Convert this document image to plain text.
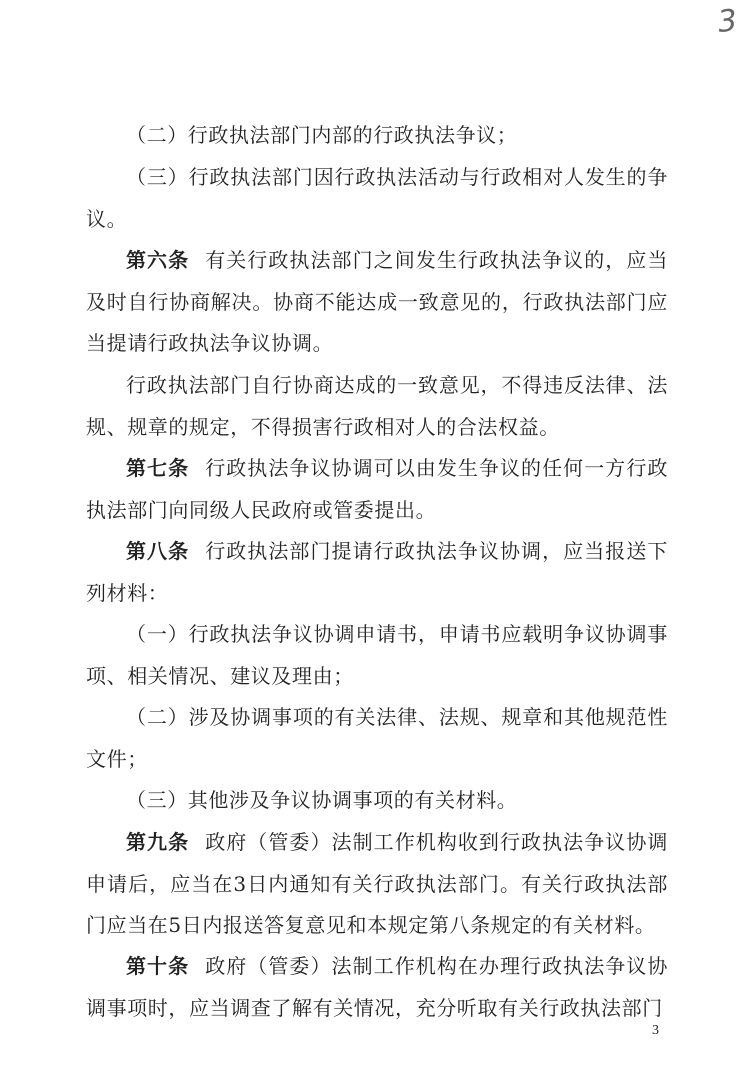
3

（二）行政执法部门内部的行政执法争议；

（三）行政执法部门因行政执法活动与行政相对人发生的争议。

第六条 有关行政执法部门之间发生行政执法争议的，应当及时自行协商解决。协商不能达成一致意见的，行政执法部门应当提请行政执法争议协调。

行政执法部门自行协商达成的一致意见，不得违反法律、法规、规章的规定，不得损害行政相对人的合法权益。

第七条 行政执法争议协调可以由发生争议的任何一方行政执法部门向同级人民政府或管委提出。

第八条 行政执法部门提请行政执法争议协调，应当报送下列材料：

（一）行政执法争议协调申请书，申请书应载明争议协调事项、相关情况、建议及理由；

（二）涉及协调事项的有关法律、法规、规章和其他规范性文件；

（三）其他涉及争议协调事项的有关材料。

第九条 政府（管委）法制工作机构收到行政执法争议协调申请后，应当在3日内通知有关行政执法部门。有关行政执法部门应当在5日内报送答复意见和本规定第八条规定的有关材料。

第十条 政府（管委）法制工作机构在办理行政执法争议协调事项时，应当调查了解有关情况，充分听取有关行政执法部门

3
